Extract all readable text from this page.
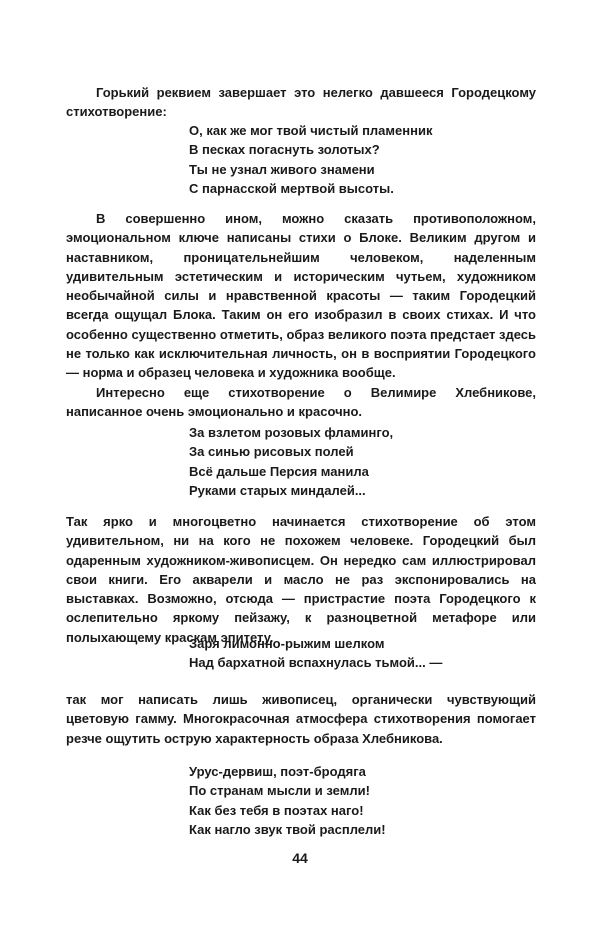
Горький реквием завершает это нелегко давшееся Городецкому стихотворение:

О, как же мог твой чистый пламенник
В песках погаснуть золотых?
Ты не узнал живого знамени
С парнасской мертвой высоты.

В совершенно ином, можно сказать противоположном, эмоциональном ключе написаны стихи о Блоке. Великим другом и наставником, проницательнейшим человеком, наделенным удивительным эстетическим и историческим чутьем, художником необычайной силы и нравственной красоты — таким Городецкий всегда ощущал Блока. Таким он его изобразил в своих стихах. И что особенно существенно отметить, образ великого поэта предстает здесь не только как исключительная личность, он в восприятии Городецкого — норма и образец человека и художника вообще.

Интересно еще стихотворение о Велимире Хлебникове, написанное очень эмоционально и красочно.

За взлетом розовых фламинго,
За синью рисовых полей
Всё дальше Персия манила
Руками старых миндалей...

Так ярко и многоцветно начинается стихотворение об этом удивительном, ни на кого не похожем человеке. Городецкий был одаренным художником-живописцем. Он нередко сам иллюстрировал свои книги. Его акварели и масло не раз экспонировались на выставках. Возможно, отсюда — пристрастие поэта Городецкого к ослепительно яркому пейзажу, к разноцветной метафоре или полыхающему краскам эпитету.

Заря лимонно-рыжим шелком
Над бархатной вспахнулась тьмой... —

так мог написать лишь живописец, органически чувствующий цветовую гамму. Многокрасочная атмосфера стихотворения помогает резче ощутить острую характерность образа Хлебникова.

Урус-дервиш, поэт-бродяга
По странам мысли и земли!
Как без тебя в поэтах наго!
Как нагло звук твой расплели!
44
